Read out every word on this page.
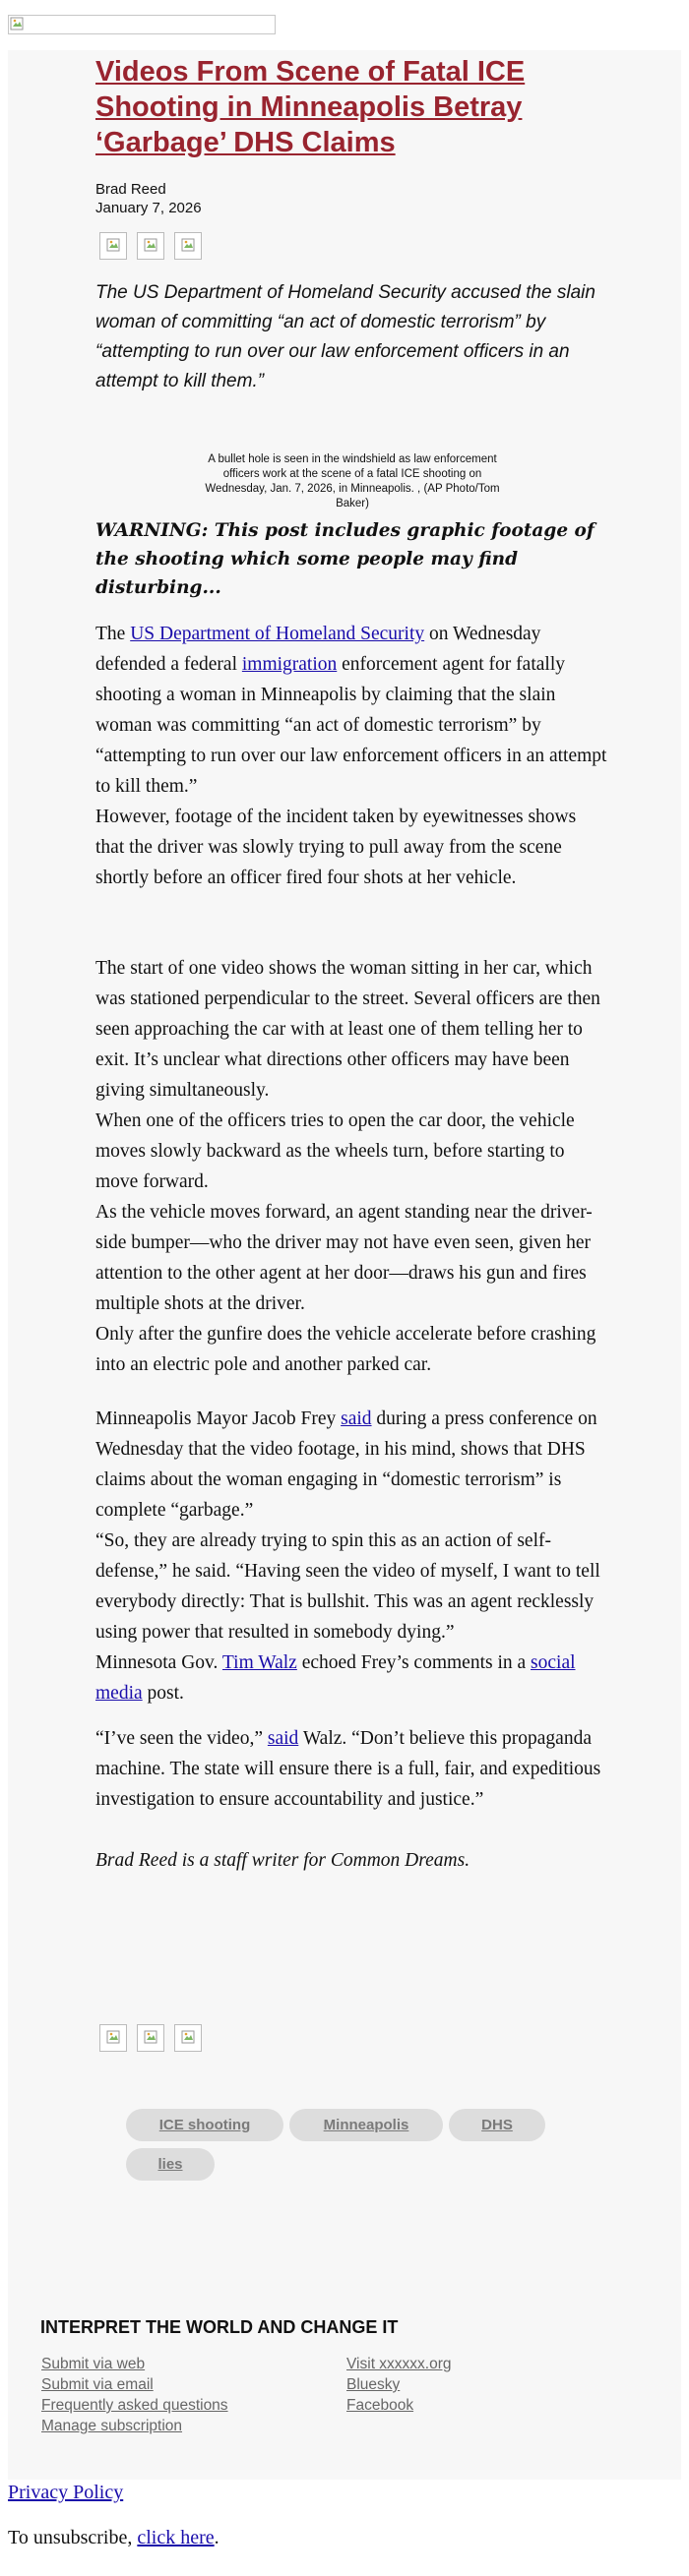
Videos From Scene of Fatal ICE Shooting in Minneapolis Betray ‘Garbage’ DHS Claims
Brad Reed
January 7, 2026

The US Department of Homeland Security accused the slain woman of committing “an act of domestic terrorism” by “attempting to run over our law enforcement officers in an attempt to kill them.”

A bullet hole is seen in the windshield as law enforcement officers work at the scene of a fatal ICE shooting on Wednesday, Jan. 7, 2026, in Minneapolis. , (AP Photo/Tom Baker)

WARNING: This post includes graphic footage of the shooting which some people may find disturbing...

The US Department of Homeland Security on Wednesday defended a federal immigration enforcement agent for fatally shooting a woman in Minneapolis by claiming that the slain woman was committing “an act of domestic terrorism” by “attempting to run over our law enforcement officers in an attempt to kill them.”

However, footage of the incident taken by eyewitnesses shows that the driver was slowly trying to pull away from the scene shortly before an officer fired four shots at her vehicle.

The start of one video shows the woman sitting in her car, which was stationed perpendicular to the street. Several officers are then seen approaching the car with at least one of them telling her to exit. It’s unclear what directions other officers may have been giving simultaneously.

When one of the officers tries to open the car door, the vehicle moves slowly backward as the wheels turn, before starting to move forward.

As the vehicle moves forward, an agent standing near the driver-side bumper—who the driver may not have even seen, given her attention to the other agent at her door—draws his gun and fires multiple shots at the driver.

Only after the gunfire does the vehicle accelerate before crashing into an electric pole and another parked car.

Minneapolis Mayor Jacob Frey said during a press conference on Wednesday that the video footage, in his mind, shows that DHS claims about the woman engaging in “domestic terrorism” is complete “garbage.”

“So, they are already trying to spin this as an action of self-defense,” he said. “Having seen the video of myself, I want to tell everybody directly: That is bullshit. This was an agent recklessly using power that resulted in somebody dying.”

Minnesota Gov. Tim Walz echoed Frey’s comments in a social media post.

“I’ve seen the video,” said Walz. “Don’t believe this propaganda machine. The state will ensure there is a full, fair, and expeditious investigation to ensure accountability and justice.”

Brad Reed is a staff writer for Common Dreams.

ICE shooting	Minneapolis	DHS
lies
INTERPRET THE WORLD AND CHANGE IT
Submit via web
Submit via email
Frequently asked questions
Manage subscription
Visit xxxxxx.org
Bluesky
Facebook
Privacy Policy

To unsubscribe, click here.
